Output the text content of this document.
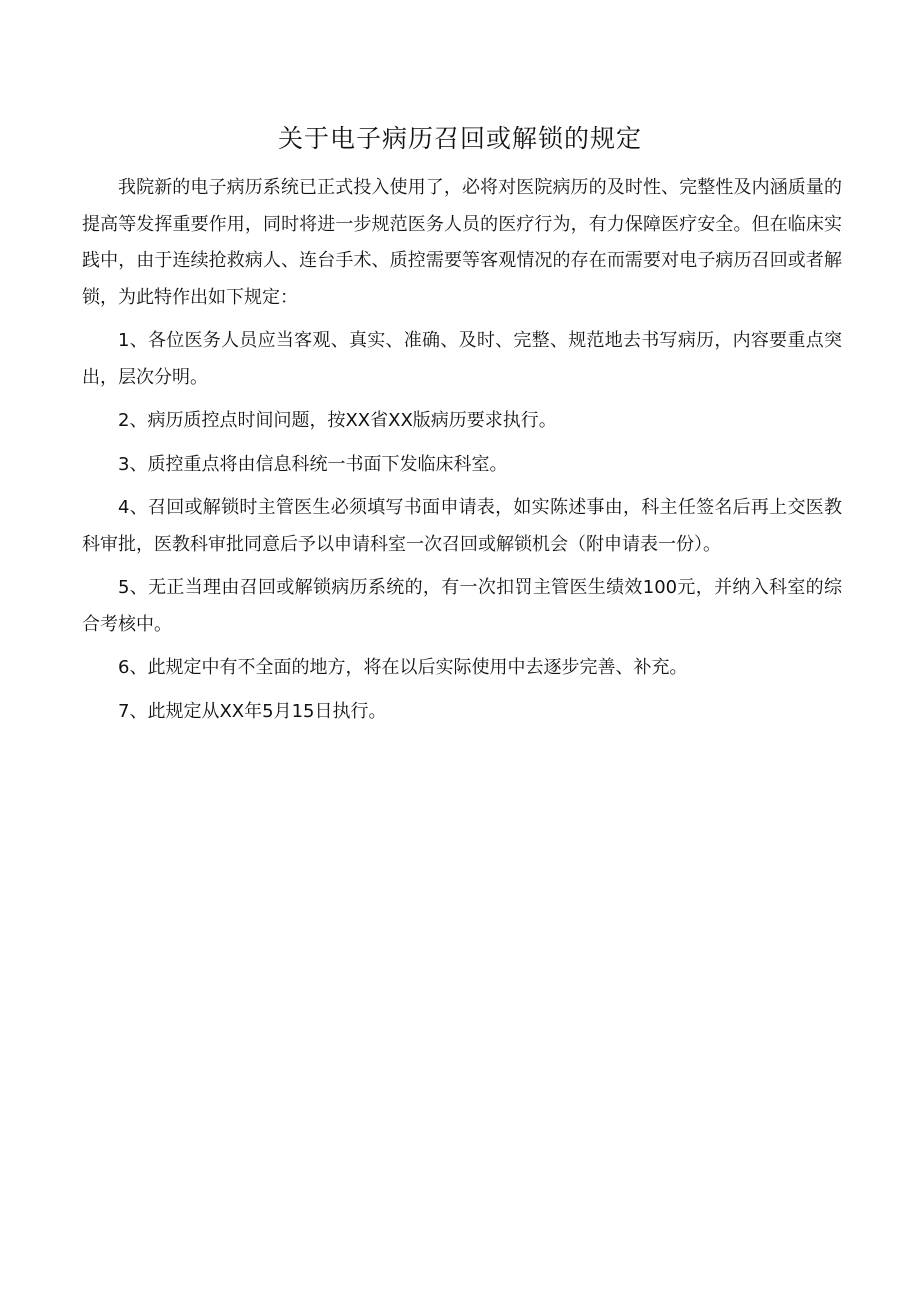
关于电子病历召回或解锁的规定

我院新的电子病历系统已正式投入使用了，必将对医院病历的及时性、完整性及内涵质量的提高等发挥重要作用，同时将进一步规范医务人员的医疗行为，有力保障医疗安全。但在临床实践中，由于连续抢救病人、连台手术、质控需要等客观情况的存在而需要对电子病历召回或者解锁，为此特作出如下规定：

1、各位医务人员应当客观、真实、准确、及时、完整、规范地去书写病历，内容要重点突出，层次分明。

2、病历质控点时间问题，按XX省XX版病历要求执行。

3、质控重点将由信息科统一书面下发临床科室。

4、召回或解锁时主管医生必须填写书面申请表，如实陈述事由，科主任签名后再上交医教科审批，医教科审批同意后予以申请科室一次召回或解锁机会（附申请表一份）。

5、无正当理由召回或解锁病历系统的，有一次扣罚主管医生绩效100元，并纳入科室的综合考核中。

6、此规定中有不全面的地方，将在以后实际使用中去逐步完善、补充。

7、此规定从XX年5月15日执行。
